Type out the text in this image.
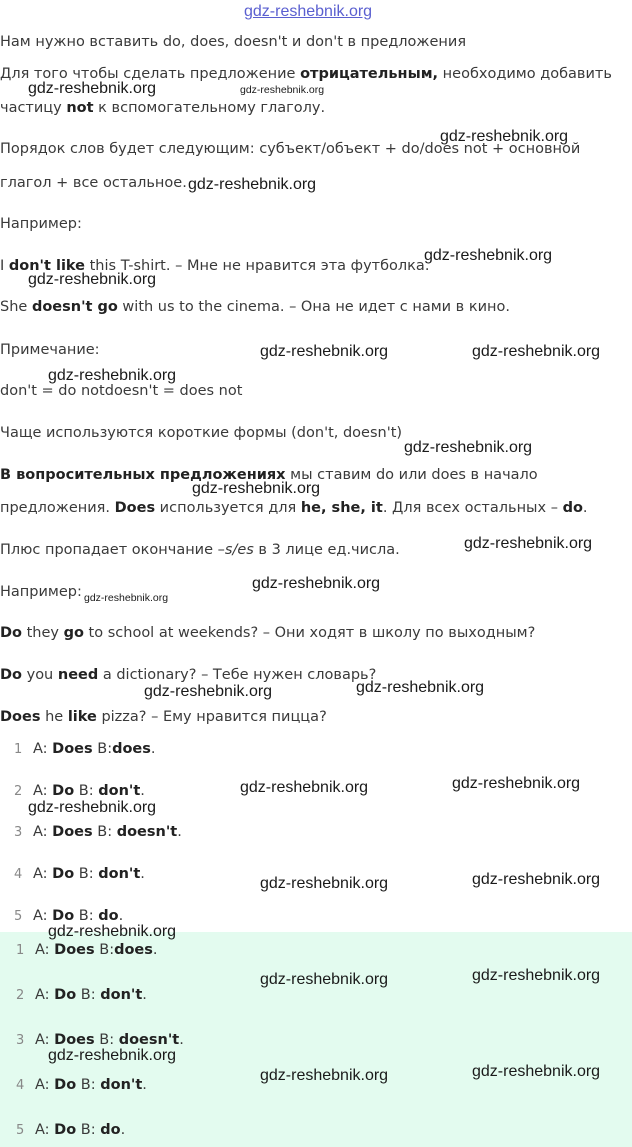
gdz-reshebnik.org
Нам нужно вставить do, does, doesn't и don't в предложения
Для того чтобы сделать предложение отрицательным, необходимо добавить
частицу not к вспомогательному глаголу.
Порядок слов будет следующим: субъект/объект + do/does not + основной
глагол + все остальное.
Например:
I don't like this T-shirt. – Мне не нравится эта футболка.
She doesn't go with us to the cinema. – Она не идет с нами в кино.
Примечание:
don't = do notdoesn't = does not
Чаще используются короткие формы (don't, doesn't)
В вопросительных предложениях мы ставим do или does в начало
предложения. Does используется для he, she, it. Для всех остальных – do.
Плюс пропадает окончание –s/es в 3 лице ед.числа.
Например:
Do they go to school at weekends? – Они ходят в школу по выходным?
Do you need a dictionary? – Тебе нужен словарь?
Does he like pizza? – Ему нравится пицца?
1 A: Does B:does.
2 A: Do B: don't.
3 A: Does B: doesn't.
4 A: Do B: don't.
5 A: Do B: do.
1 A: Does B:does.
2 A: Do B: don't.
3 A: Does B: doesn't.
4 A: Do B: don't.
5 A: Do B: do.
gdz-reshebnik.org	gdz-reshebnik.org
gdz-reshebnik.org
gdz-reshebnik.org
gdz-reshebnik.org
gdz-reshebnik.org
gdz-reshebnik.org	gdz-reshebnik.org
gdz-reshebnik.org
gdz-reshebnik.org
gdz-reshebnik.org
gdz-reshebnik.org
gdz-reshebnik.org
gdz-reshebnik.org
gdz-reshebnik.org	gdz-reshebnik.org
gdz-reshebnik.org	gdz-reshebnik.org
gdz-reshebnik.org
gdz-reshebnik.org	gdz-reshebnik.org
gdz-reshebnik.org
gdz-reshebnik.org	gdz-reshebnik.org
gdz-reshebnik.org
gdz-reshebnik.org	gdz-reshebnik.org
